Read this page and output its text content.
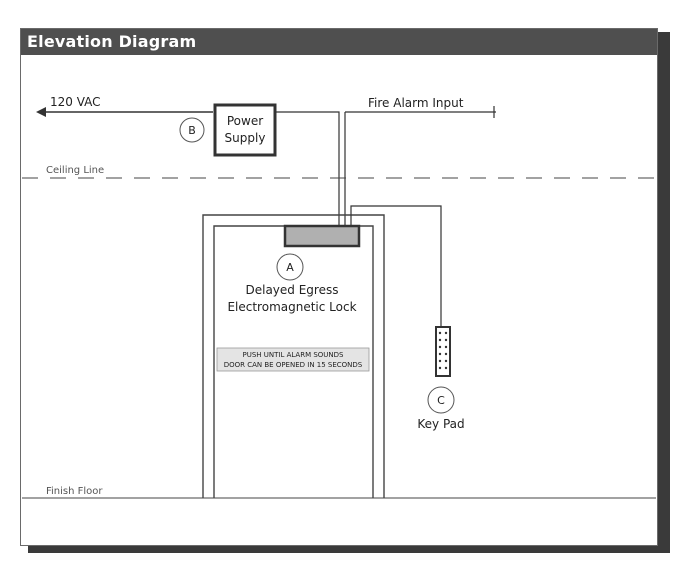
Elevation Diagram
120 VAC
Power
Supply
B
Fire Alarm Input
Ceiling Line
A
Delayed Egress
Electromagnetic Lock
PUSH UNTIL ALARM SOUNDS
DOOR CAN BE OPENED IN 15 SECONDS
C
Key Pad
Finish Floor
